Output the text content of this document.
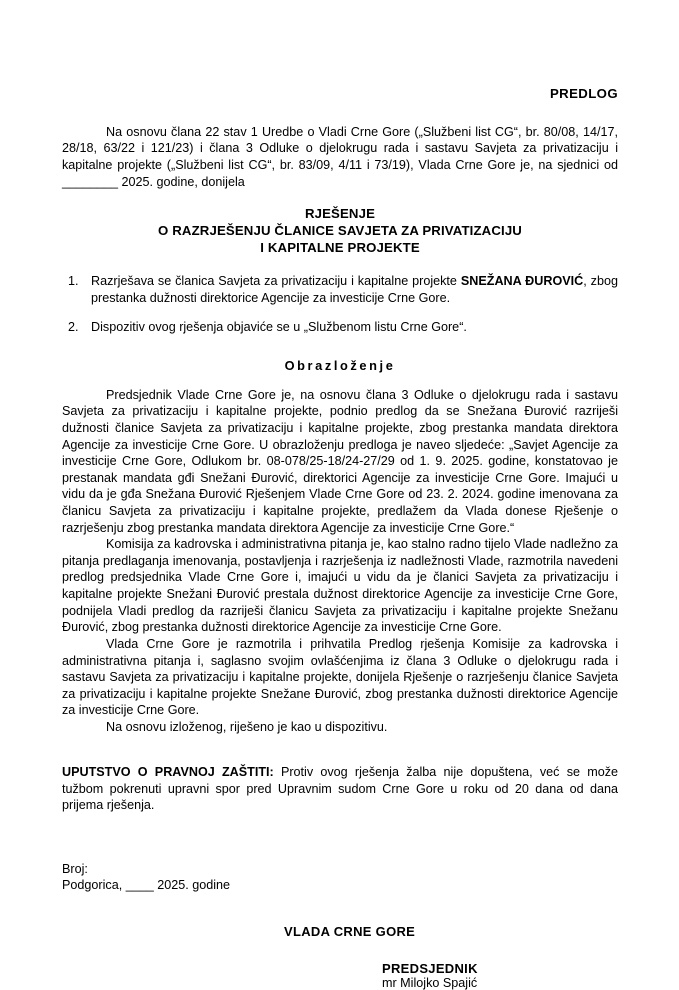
PREDLOG

Na osnovu člana 22 stav 1 Uredbe o Vladi Crne Gore („Službeni list CG“, br. 80/08, 14/17, 28/18, 63/22 i 121/23) i člana 3 Odluke o djelokrugu rada i sastavu Savjeta za privatizaciju i kapitalne projekte („Službeni list CG“, br. 83/09, 4/11 i 73/19), Vlada Crne Gore je, na sjednici od ________ 2025. godine, donijela

RJEŠENJE
O RAZRJEŠENJU ČLANICE SAVJETA ZA PRIVATIZACIJU
I KAPITALNE PROJEKTE
1. Razrješava se članica Savjeta za privatizaciju i kapitalne projekte SNEŽANA ĐUROVIĆ, zbog prestanka dužnosti direktorice Agencije za investicije Crne Gore.
2. Dispozitiv ovog rješenja objaviće se u „Službenom listu Crne Gore“.
Obrazloženje

Predsjednik Vlade Crne Gore je, na osnovu člana 3 Odluke o djelokrugu rada i sastavu Savjeta za privatizaciju i kapitalne projekte, podnio predlog da se Snežana Đurović razriješi dužnosti članice Savjeta za privatizaciju i kapitalne projekte, zbog prestanka mandata direktora Agencije za investicije Crne Gore. U obrazloženju predloga je naveo sljedeće: „Savjet Agencije za investicije Crne Gore, Odlukom br. 08-078/25-18/24-27/29 od 1. 9. 2025. godine, konstatovao je prestanak mandata gđi Snežani Đurović, direktorici Agencije za investicije Crne Gore. Imajući u vidu da je gđa Snežana Đurović Rješenjem Vlade Crne Gore od 23. 2. 2024. godine imenovana za članicu Savjeta za privatizaciju i kapitalne projekte, predlažem da Vlada donese Rješenje o razrješenju zbog prestanka mandata direktora Agencije za investicije Crne Gore.“

Komisija za kadrovska i administrativna pitanja je, kao stalno radno tijelo Vlade nadležno za pitanja predlaganja imenovanja, postavljenja i razrješenja iz nadležnosti Vlade, razmotrila navedeni predlog predsjednika Vlade Crne Gore i, imajući u vidu da je članici Savjeta za privatizaciju i kapitalne projekte Snežani Đurović prestala dužnost direktorice Agencije za investicije Crne Gore, podnijela Vladi predlog da razriješi članicu Savjeta za privatizaciju i kapitalne projekte Snežanu Đurović, zbog prestanka dužnosti direktorice Agencije za investicije Crne Gore.

Vlada Crne Gore je razmotrila i prihvatila Predlog rješenja Komisije za kadrovska i administrativna pitanja i, saglasno svojim ovlašćenjima iz člana 3 Odluke o djelokrugu rada i sastavu Savjeta za privatizaciju i kapitalne projekte, donijela Rješenje o razrješenju članice Savjeta za privatizaciju i kapitalne projekte Snežane Đurović, zbog prestanka dužnosti direktorice Agencije za investicije Crne Gore.

Na osnovu izloženog, riješeno je kao u dispozitivu.

UPUTSTVO O PRAVNOJ ZAŠTITI: Protiv ovog rješenja žalba nije dopuštena, već se može tužbom pokrenuti upravni spor pred Upravnim sudom Crne Gore u roku od 20 dana od dana prijema rješenja.

Broj:
Podgorica, ____ 2025. godine
VLADA CRNE GORE
PREDSJEDNIK
mr Milojko Spajić
